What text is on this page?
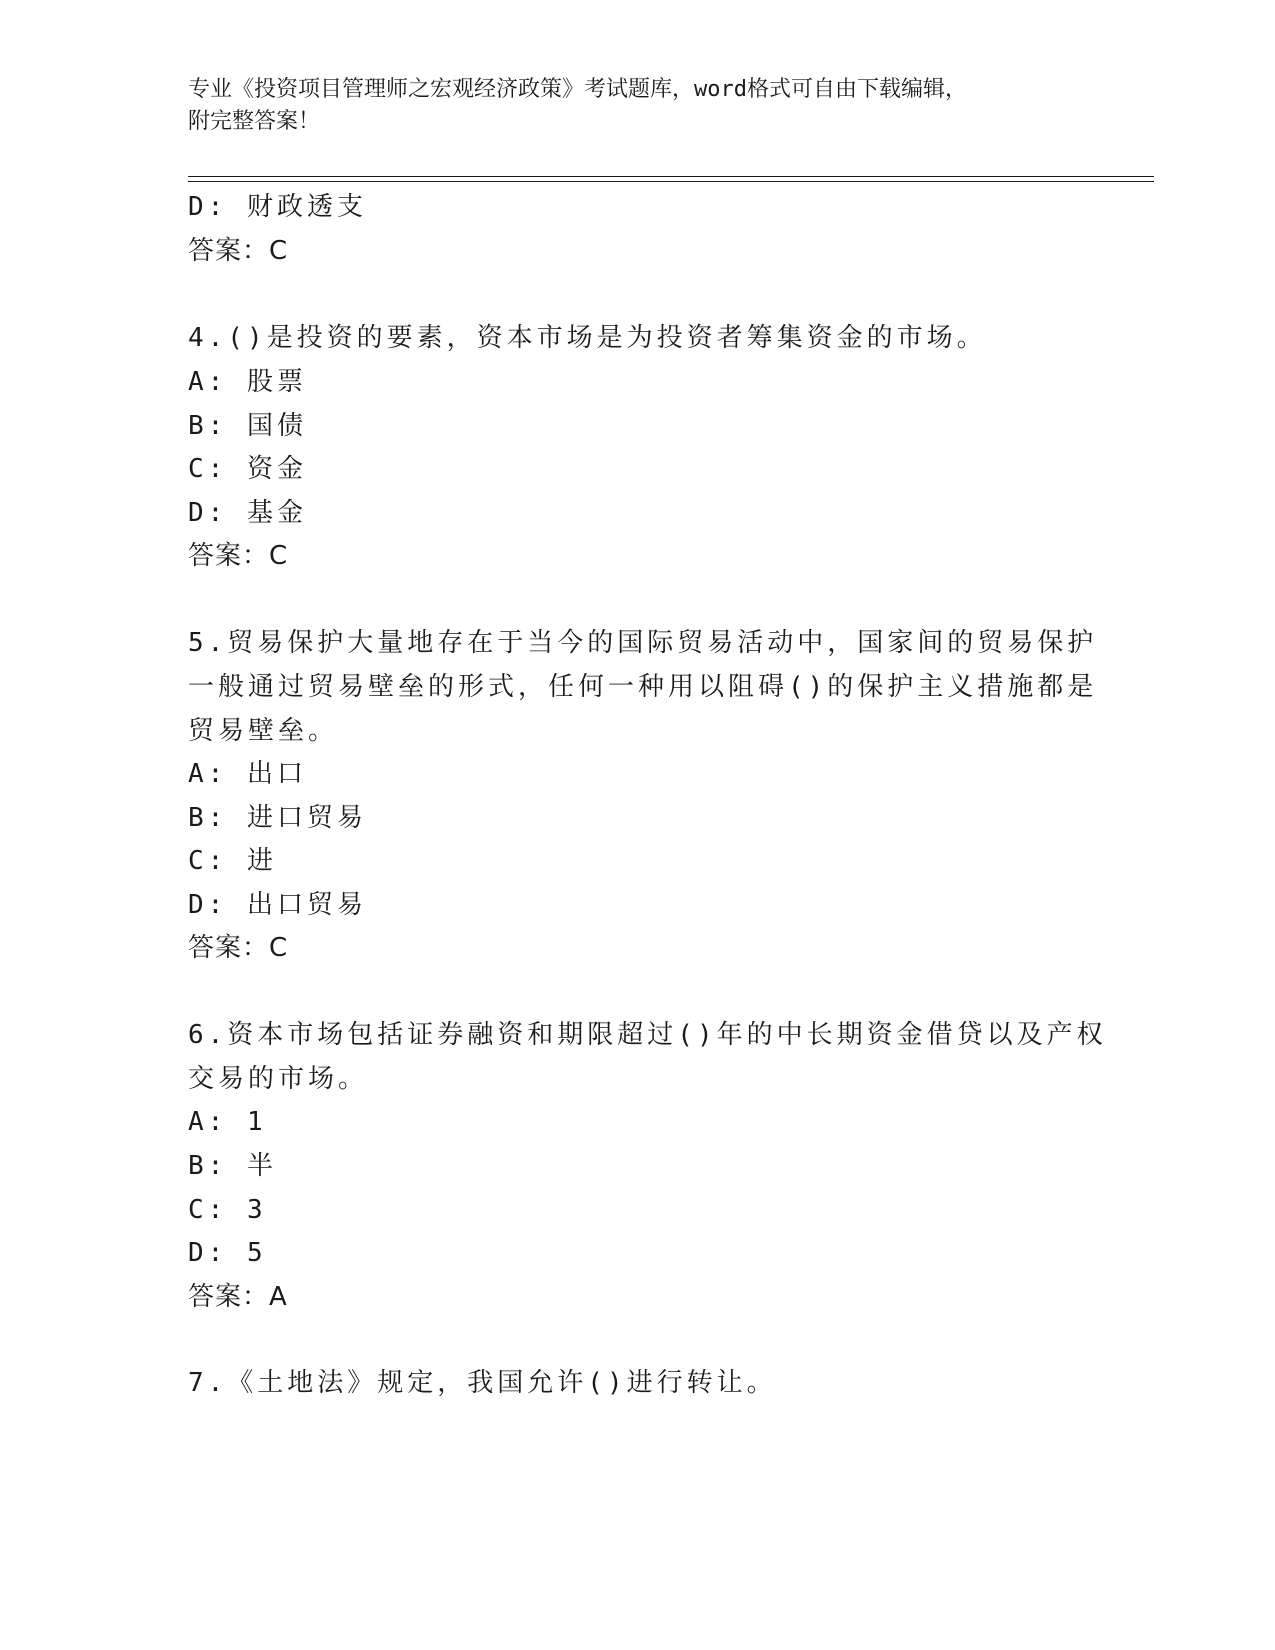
专业《投资项目管理师之宏观经济政策》考试题库，word格式可自由下载编辑，
附完整答案！
D: 财政透支
答案：C
4.()是投资的要素，资本市场是为投资者筹集资金的市场。
A: 股票
B: 国债
C: 资金
D: 基金
答案：C
5.贸易保护大量地存在于当今的国际贸易活动中，国家间的贸易保护
一般通过贸易壁垒的形式，任何一种用以阻碍()的保护主义措施都是
贸易壁垒。
A: 出口
B: 进口贸易
C: 进
D: 出口贸易
答案：C
6.资本市场包括证券融资和期限超过()年的中长期资金借贷以及产权
交易的市场。
A: 1
B: 半
C: 3
D: 5
答案：A
7.《土地法》规定，我国允许()进行转让。
